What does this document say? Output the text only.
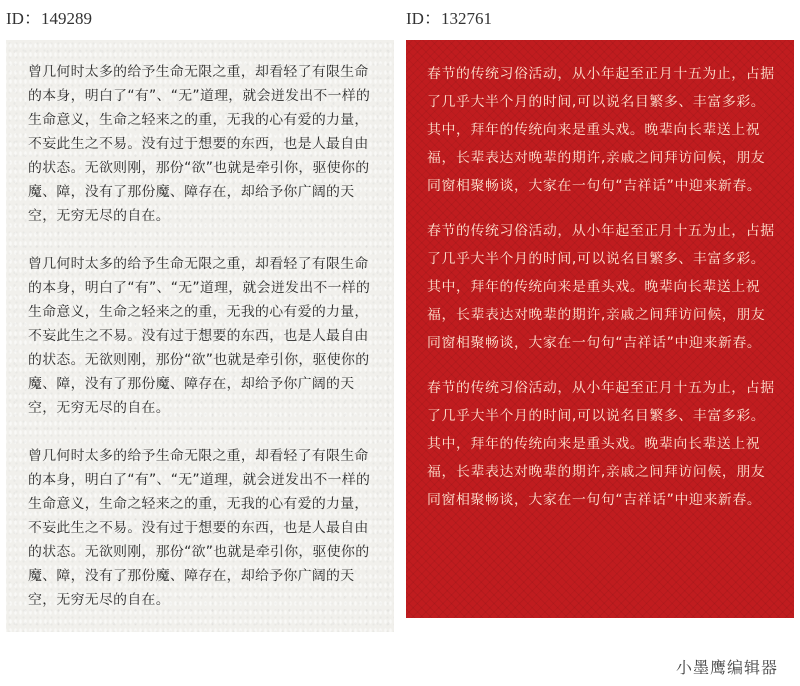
ID：149289	ID：132761

曾几何时太多的给予生命无限之重，却看轻了有限生命的本身，明白了“有”、“无”道理，就会迸发出不一样的生命意义，生命之轻来之的重，无我的心有爱的力量，不妄此生之不易。没有过于想要的东西，也是人最自由的状态。无欲则刚，那份“欲”也就是牵引你，驱使你的魔、障，没有了那份魔、障存在，却给予你广阔的天空，无穷无尽的自在。

曾几何时太多的给予生命无限之重，却看轻了有限生命的本身，明白了“有”、“无”道理，就会迸发出不一样的生命意义，生命之轻来之的重，无我的心有爱的力量，不妄此生之不易。没有过于想要的东西，也是人最自由的状态。无欲则刚，那份“欲”也就是牵引你，驱使你的魔、障，没有了那份魔、障存在，却给予你广阔的天空，无穷无尽的自在。

曾几何时太多的给予生命无限之重，却看轻了有限生命的本身，明白了“有”、“无”道理，就会迸发出不一样的生命意义，生命之轻来之的重，无我的心有爱的力量，不妄此生之不易。没有过于想要的东西，也是人最自由的状态。无欲则刚，那份“欲”也就是牵引你，驱使你的魔、障，没有了那份魔、障存在，却给予你广阔的天空，无穷无尽的自在。

春节的传统习俗活动，从小年起至正月十五为止，占据了几乎大半个月的时间,可以说名目繁多、丰富多彩。其中，拜年的传统向来是重头戏。晚辈向长辈送上祝福，长辈表达对晚辈的期许,亲戚之间拜访问候，朋友同窗相聚畅谈，大家在一句句“吉祥话”中迎来新春。

春节的传统习俗活动，从小年起至正月十五为止，占据了几乎大半个月的时间,可以说名目繁多、丰富多彩。其中，拜年的传统向来是重头戏。晚辈向长辈送上祝福，长辈表达对晚辈的期许,亲戚之间拜访问候，朋友同窗相聚畅谈，大家在一句句“吉祥话”中迎来新春。

春节的传统习俗活动，从小年起至正月十五为止，占据了几乎大半个月的时间,可以说名目繁多、丰富多彩。其中，拜年的传统向来是重头戏。晚辈向长辈送上祝福，长辈表达对晚辈的期许,亲戚之间拜访问候，朋友同窗相聚畅谈，大家在一句句“吉祥话”中迎来新春。

小墨鹰编辑器
